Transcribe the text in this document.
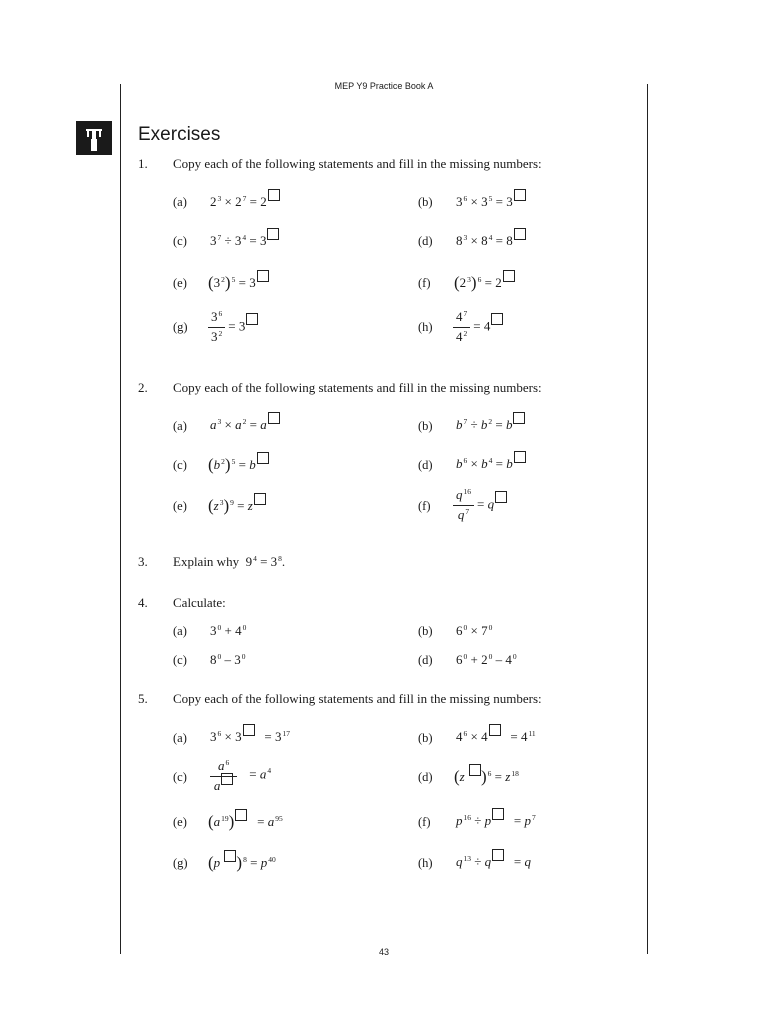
MEP Y9 Practice Book A
Exercises
1. Copy each of the following statements and fill in the missing numbers:
(a) $2^3 \times 2^7 = 2$	(b) $3^6 \times 3^5 = 3$
(c) $3^7 \div 3^4 = 3$	(d) $8^3 \times 8^4 = 8$
(e) $(3^2)^5 = 3$	(f) $(2^3)^6 = 2$
$(g) \frac{3^6}{3^2} = 3$	$(h) \frac{4^7}{4^2} = 4$
2. Copy each of the following statements and fill in the missing numbers:
(a) $a^3 \times a^2 = a$	(b) $b^7 \div b^2 = b$
(c) $(b^2)^5 = b$	(d) $b^6 \times b^4 = b$
(e) $(z^3)^9 = z$	$(f) \frac{q^{16}}{q^7} = q$
3. Explain why $9^4 = 3^8$.
4. Calculate:
(a) $3^0 + 4^0$	(b) $6^0 \times 7^0$
(c) $8^0 - 3^0$	(d) $6^0 + 2^0 - 4^0$
5. Copy each of the following statements and fill in the missing numbers:
(a) $3^6 \times 3 = 3^{17}$	(b) $4^6 \times 4 = 4^{11}$
$(c) \frac{a^6}{a} = a^4$	(d) (z )$^6 = z^{18}$
(e) $(a^{19}) = a^{95}$	(f) $p^{16} \div p = p^7$
(g) (p )$^8 = p^{40}$	(h) $q^{13} \div q = q$
43
